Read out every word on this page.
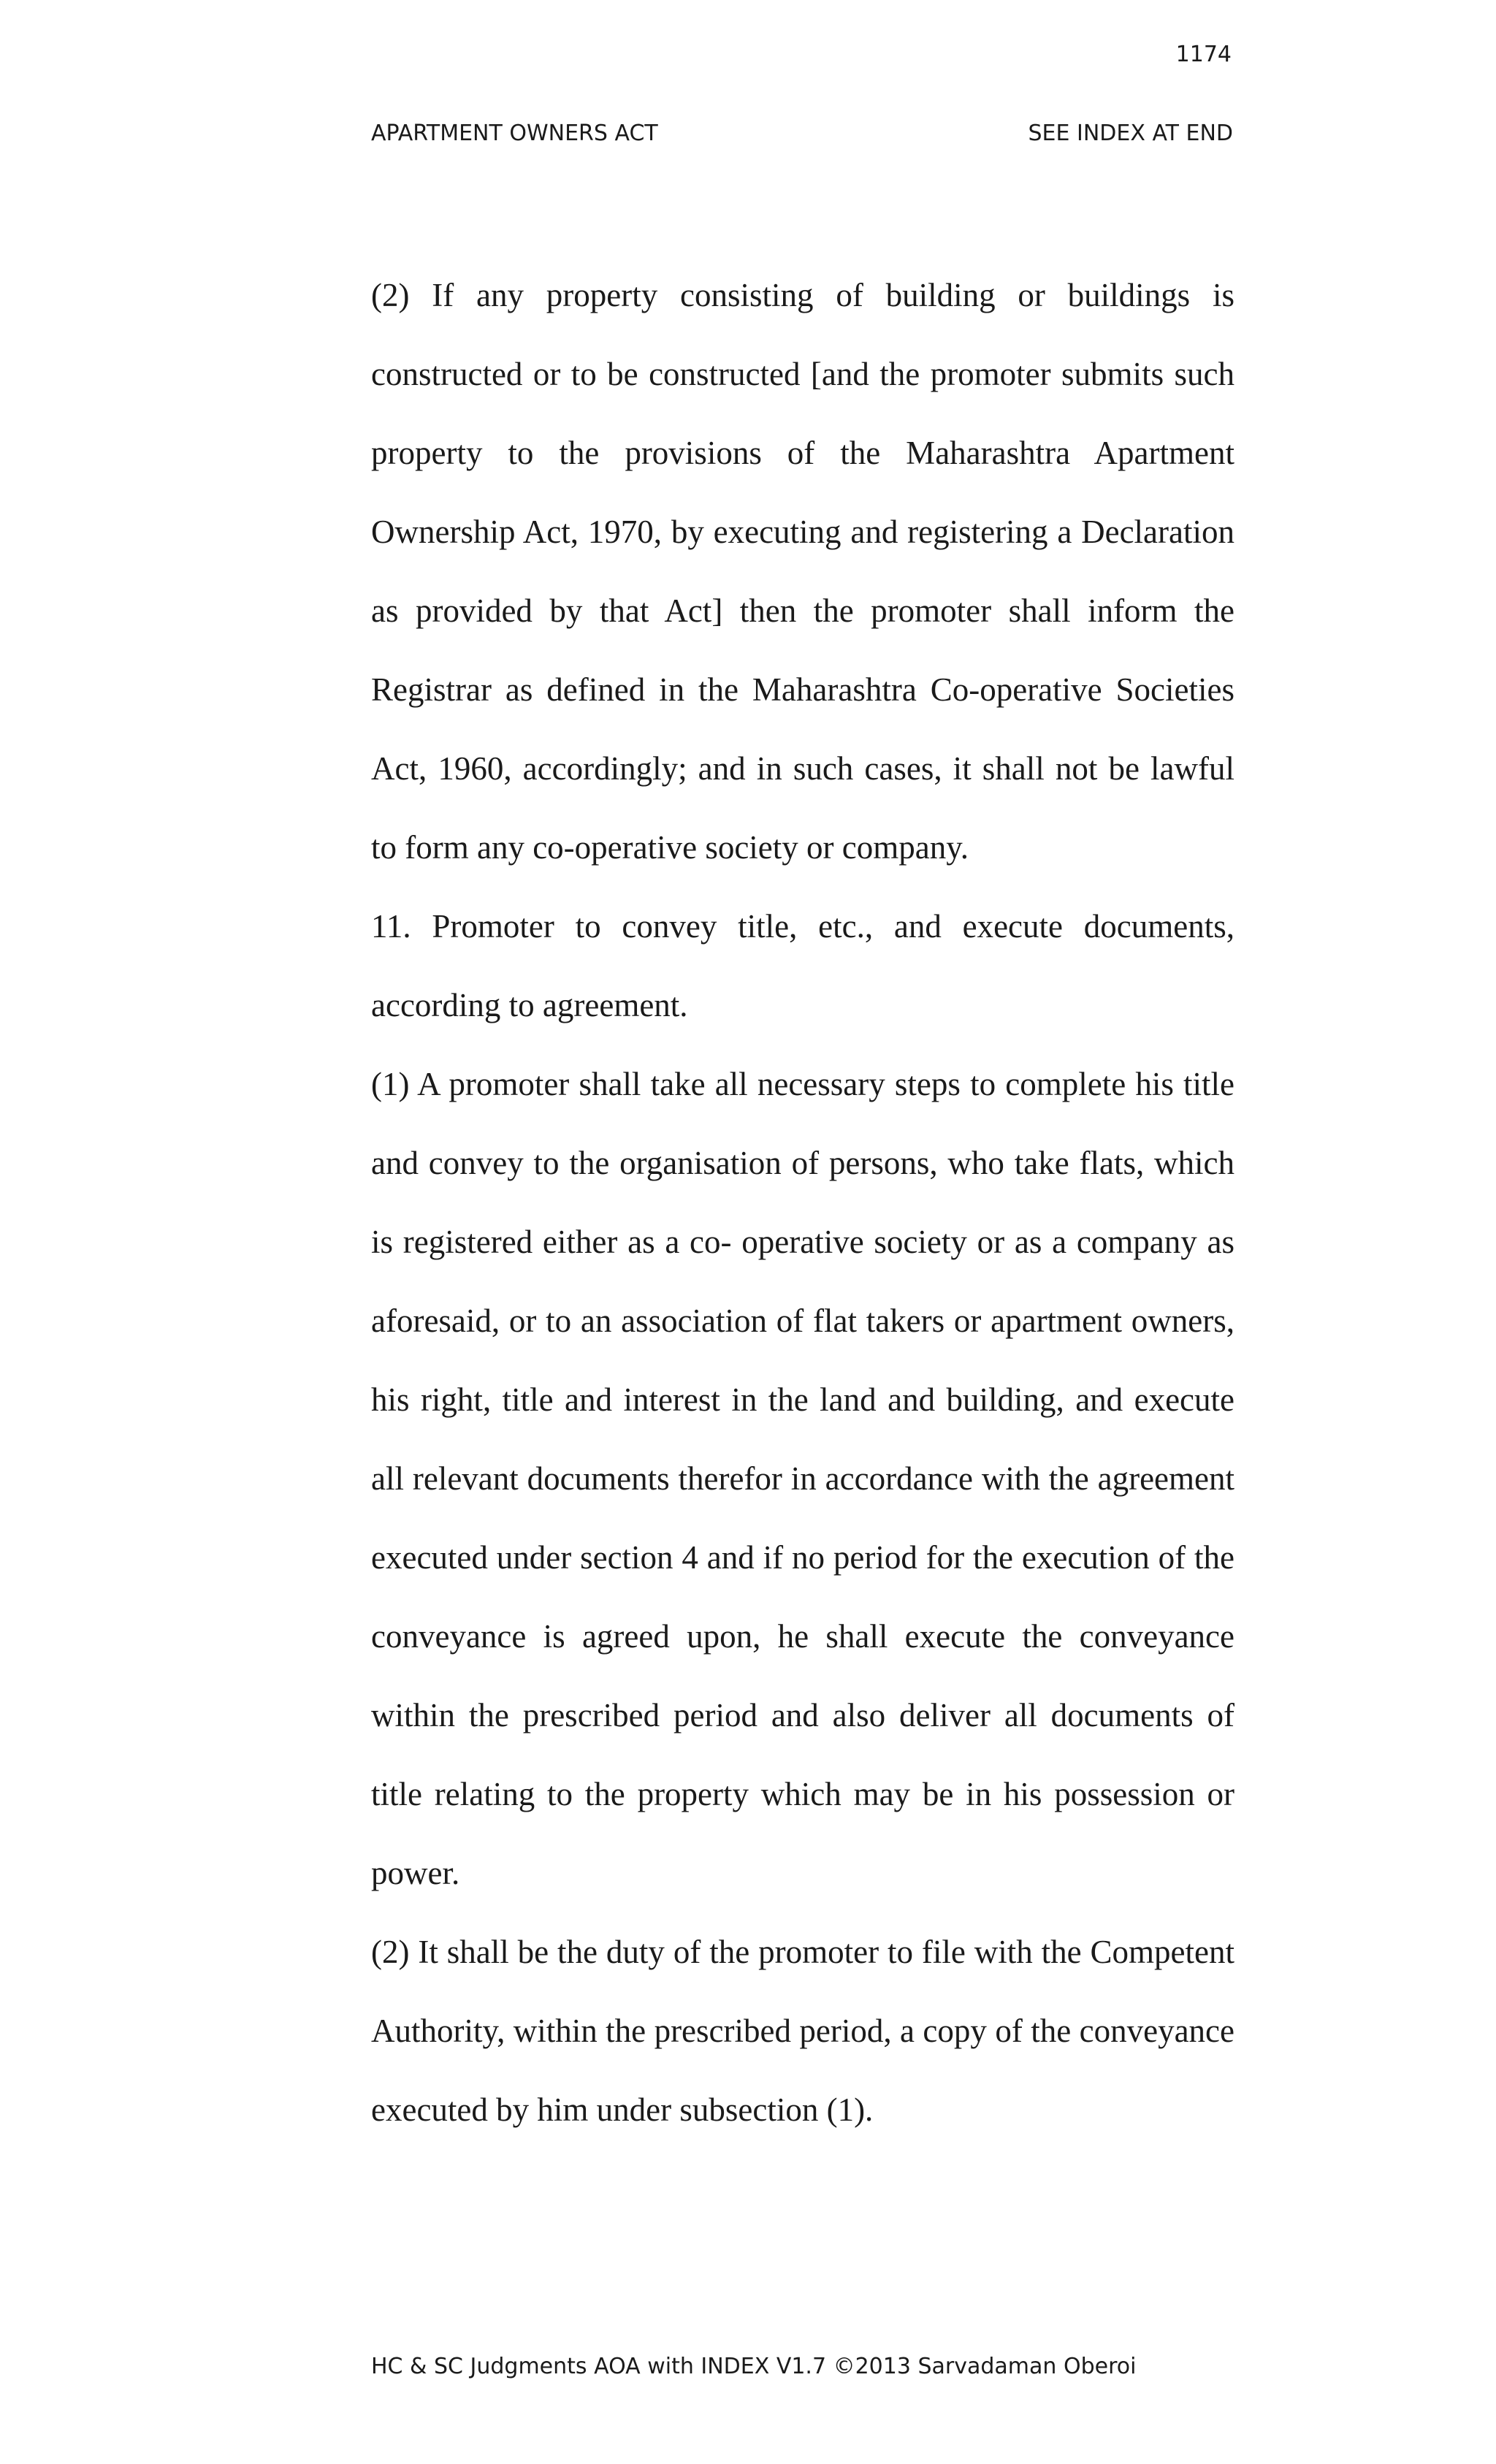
1174
APARTMENT OWNERS ACT	SEE INDEX AT END

(2) If any property consisting of building or buildings is constructed or to be constructed [and the promoter submits such property to the provisions of the Maharashtra Apartment Ownership Act, 1970, by executing and registering a Declaration as provided by that Act] then the promoter shall inform the Registrar as defined in the Maharashtra Co-operative Societies Act, 1960, accordingly; and in such cases, it shall not be lawful to form any co-operative society or company.

11. Promoter to convey title, etc., and execute documents, according to agreement.

(1) A promoter shall take all necessary steps to complete his title and convey to the organisation of persons, who take flats, which is registered either as a co- operative society or as a company as aforesaid, or to an association of flat takers or apartment owners, his right, title and interest in the land and building, and execute all relevant documents therefor in accordance with the agreement executed under section 4 and if no period for the execution of the conveyance is agreed upon, he shall execute the conveyance within the prescribed period and also deliver all documents of title relating to the property which may be in his possession or power.

(2) It shall be the duty of the promoter to file with the Competent Authority, within the prescribed period, a copy of the conveyance executed by him under subsection (1).

HC & SC Judgments AOA with INDEX V1.7 ©2013 Sarvadaman Oberoi
